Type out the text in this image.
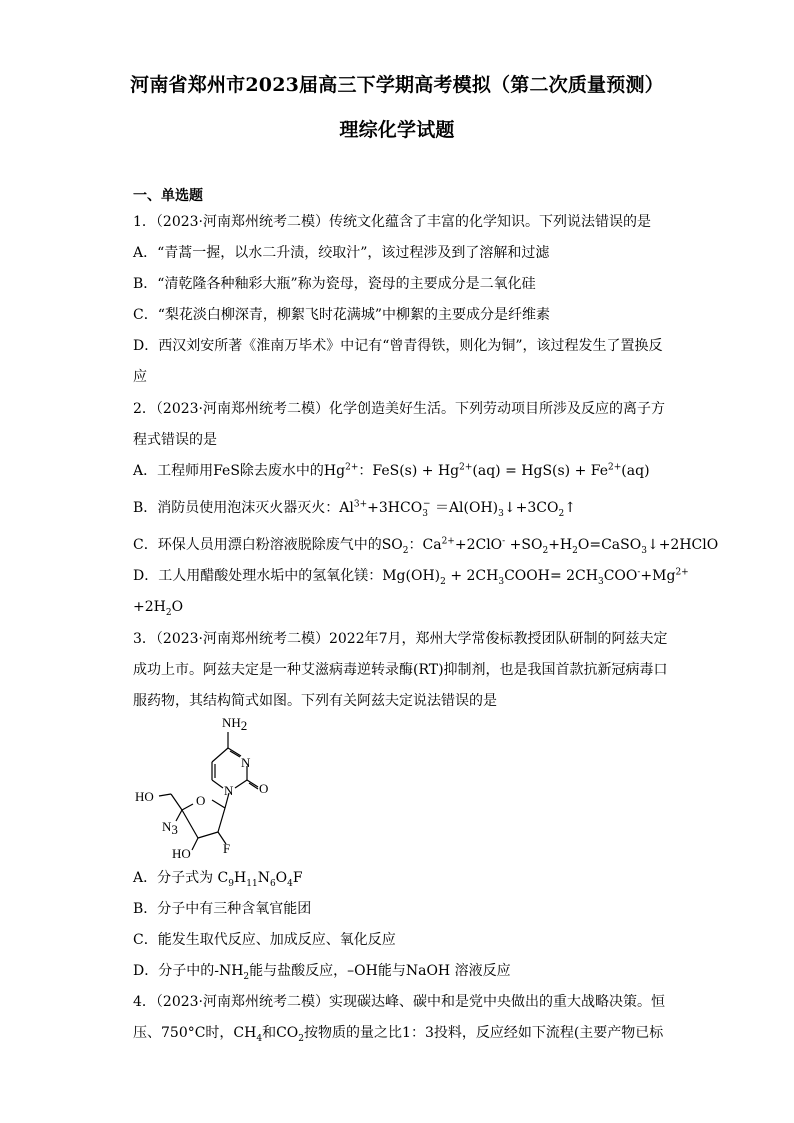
河南省郑州市2023届高三下学期高考模拟（第二次质量预测）
理综化学试题
一、单选题
1．（2023·河南郑州统考二模）传统文化蕴含了丰富的化学知识。下列说法错误的是
A．“青蒿一握，以水二升渍，绞取汁”，该过程涉及到了溶解和过滤
B．“清乾隆各种釉彩大瓶”称为瓷母，瓷母的主要成分是二氧化硅
C．“梨花淡白柳深青，柳絮飞时花满城”中柳絮的主要成分是纤维素
D．西汉刘安所著《淮南万毕术》中记有“曾青得铁，则化为铜”，该过程发生了置换反
应
2．（2023·河南郑州统考二模）化学创造美好生活。下列劳动项目所涉及反应的离子方
程式错误的是
A．工程师用FeS除去废水中的$Hg^{2+}$：$FeS(s) + Hg^{2+}(aq) = HgS(s) + Fe^{2+}(aq)$
B．消防员使用泡沫灭火器灭火：$Al^{3+}+3HCO_3^-$ $=Al(OH)_3↓+3CO_2↑$
C．环保人员用漂白粉溶液脱除废气中的$SO_2$：$Ca^{2+}+2ClO^-$ $+SO_2+H_2O=CaSO_3↓+2HClO$
D．工人用醋酸处理水垢中的氢氧化镁：$Mg(OH)_2$ + $2CH_3COOH= 2CH_3COO^-+Mg^{2+}$
$+2H_2O$
3．（2023·河南郑州统考二模）2022年7月，郑州大学常俊标教授团队研制的阿兹夫定
成功上市。阿兹夫定是一种艾滋病毒逆转录酶(RT)抑制剂，也是我国首款抗新冠病毒口
服药物，其结构简式如图。下列有关阿兹夫定说法错误的是
NH2
N
N O
O
HO
N3
HO F
A．分子式为 $C_9H_{11}N_6O_4F$
B．分子中有三种含氧官能团
C．能发生取代反应、加成反应、氧化反应
D．分子中的$-NH_2$能与盐酸反应，–OH能与NaOH 溶液反应
4．（2023·河南郑州统考二模）实现碳达峰、碳中和是党中央做出的重大战略决策。恒
压、750°C时，$CH_4$和$CO_2$按物质的量之比1：3投料，反应经如下流程(主要产物已标
